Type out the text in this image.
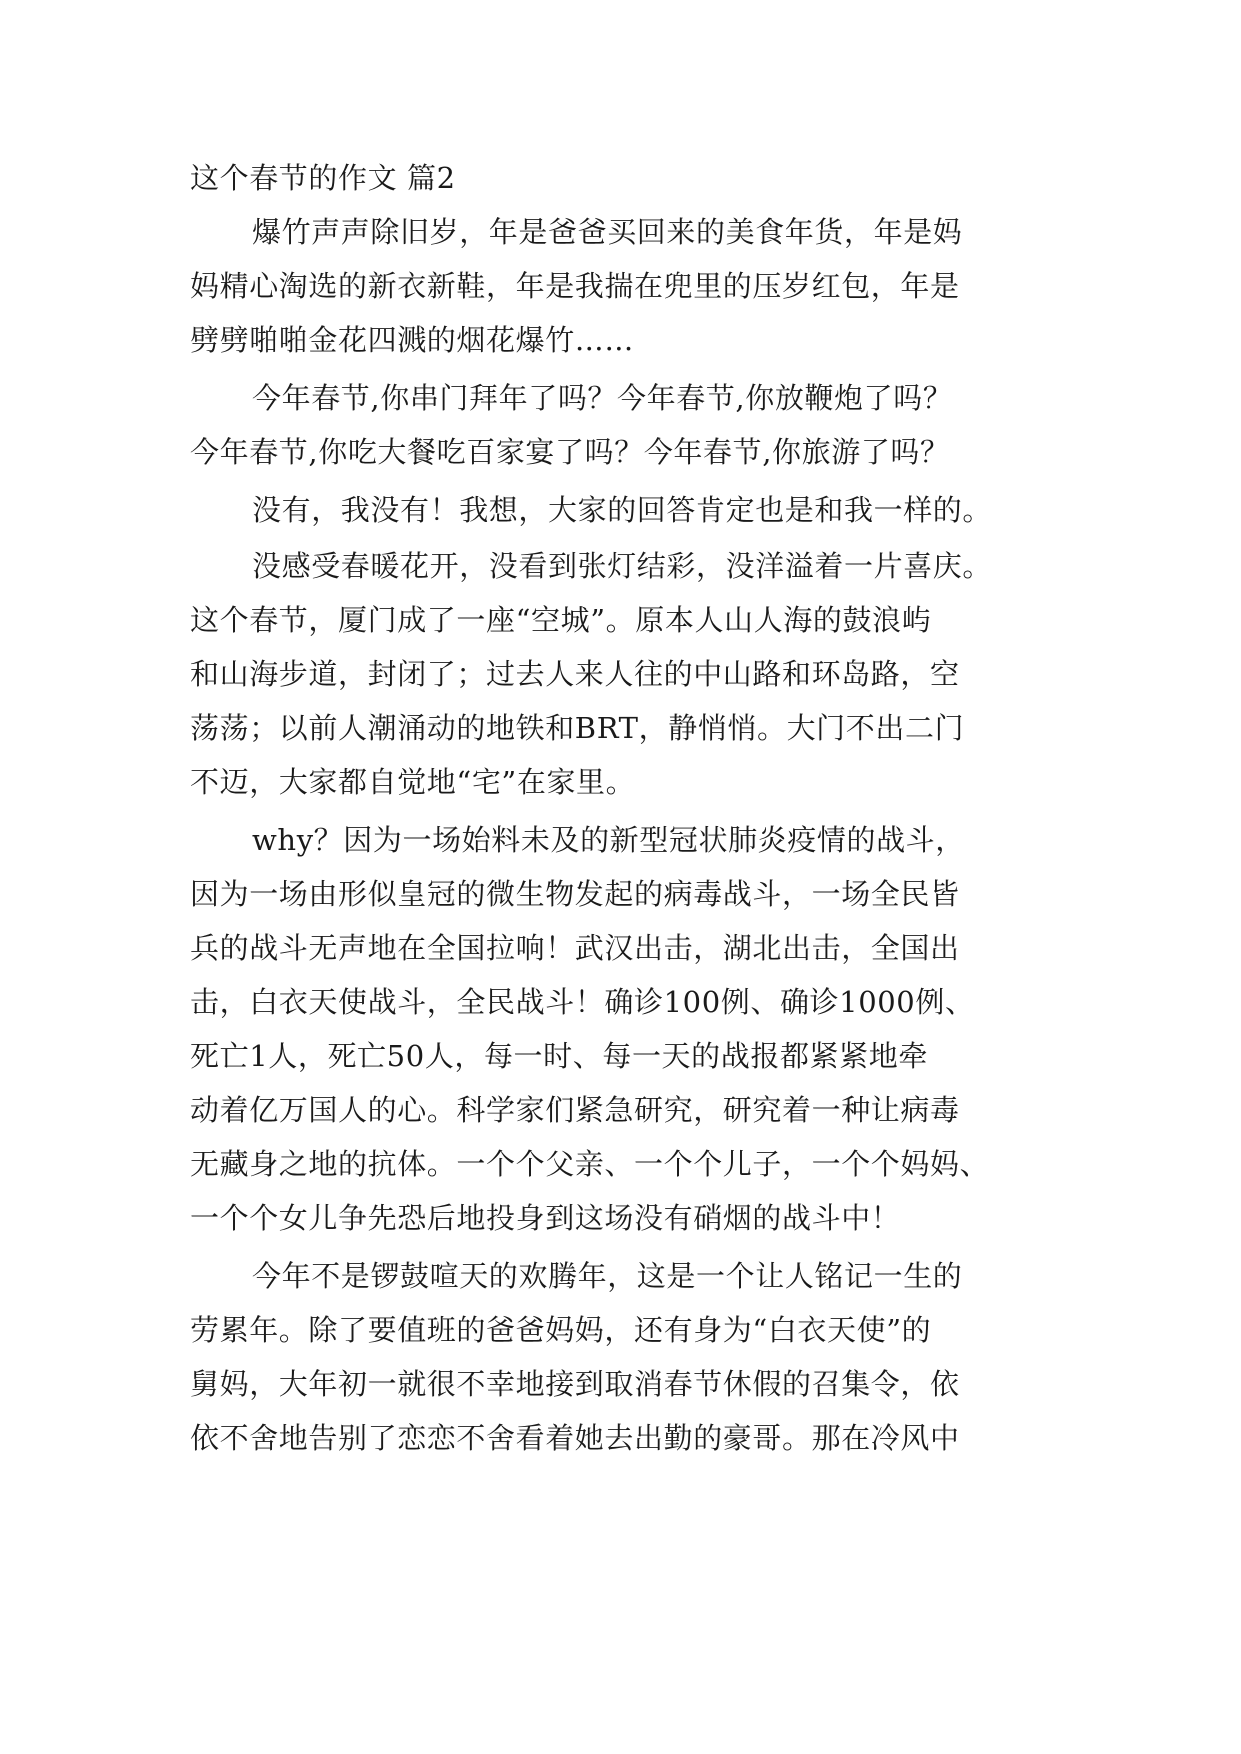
这个春节的作文 篇2
爆竹声声除旧岁，年是爸爸买回来的美食年货，年是妈
妈精心淘选的新衣新鞋，年是我揣在兜里的压岁红包，年是
劈劈啪啪金花四溅的烟花爆竹……
今年春节,你串门拜年了吗？今年春节,你放鞭炮了吗？
今年春节,你吃大餐吃百家宴了吗？今年春节,你旅游了吗？
没有，我没有！我想，大家的回答肯定也是和我一样的。
没感受春暖花开，没看到张灯结彩，没洋溢着一片喜庆。
这个春节，厦门成了一座“空城”。原本人山人海的鼓浪屿
和山海步道，封闭了；过去人来人往的中山路和环岛路，空
荡荡；以前人潮涌动的地铁和BRT，静悄悄。大门不出二门
不迈，大家都自觉地“宅”在家里。
why？因为一场始料未及的新型冠状肺炎疫情的战斗，
因为一场由形似皇冠的微生物发起的病毒战斗，一场全民皆
兵的战斗无声地在全国拉响！武汉出击，湖北出击，全国出
击，白衣天使战斗，全民战斗！确诊100例、确诊1000例、
死亡1人，死亡50人，每一时、每一天的战报都紧紧地牵
动着亿万国人的心。科学家们紧急研究，研究着一种让病毒
无藏身之地的抗体。一个个父亲、一个个儿子，一个个妈妈、
一个个女儿争先恐后地投身到这场没有硝烟的战斗中！
今年不是锣鼓喧天的欢腾年，这是一个让人铭记一生的
劳累年。除了要值班的爸爸妈妈，还有身为“白衣天使”的
舅妈，大年初一就很不幸地接到取消春节休假的召集令，依
依不舍地告别了恋恋不舍看着她去出勤的豪哥。那在冷风中
